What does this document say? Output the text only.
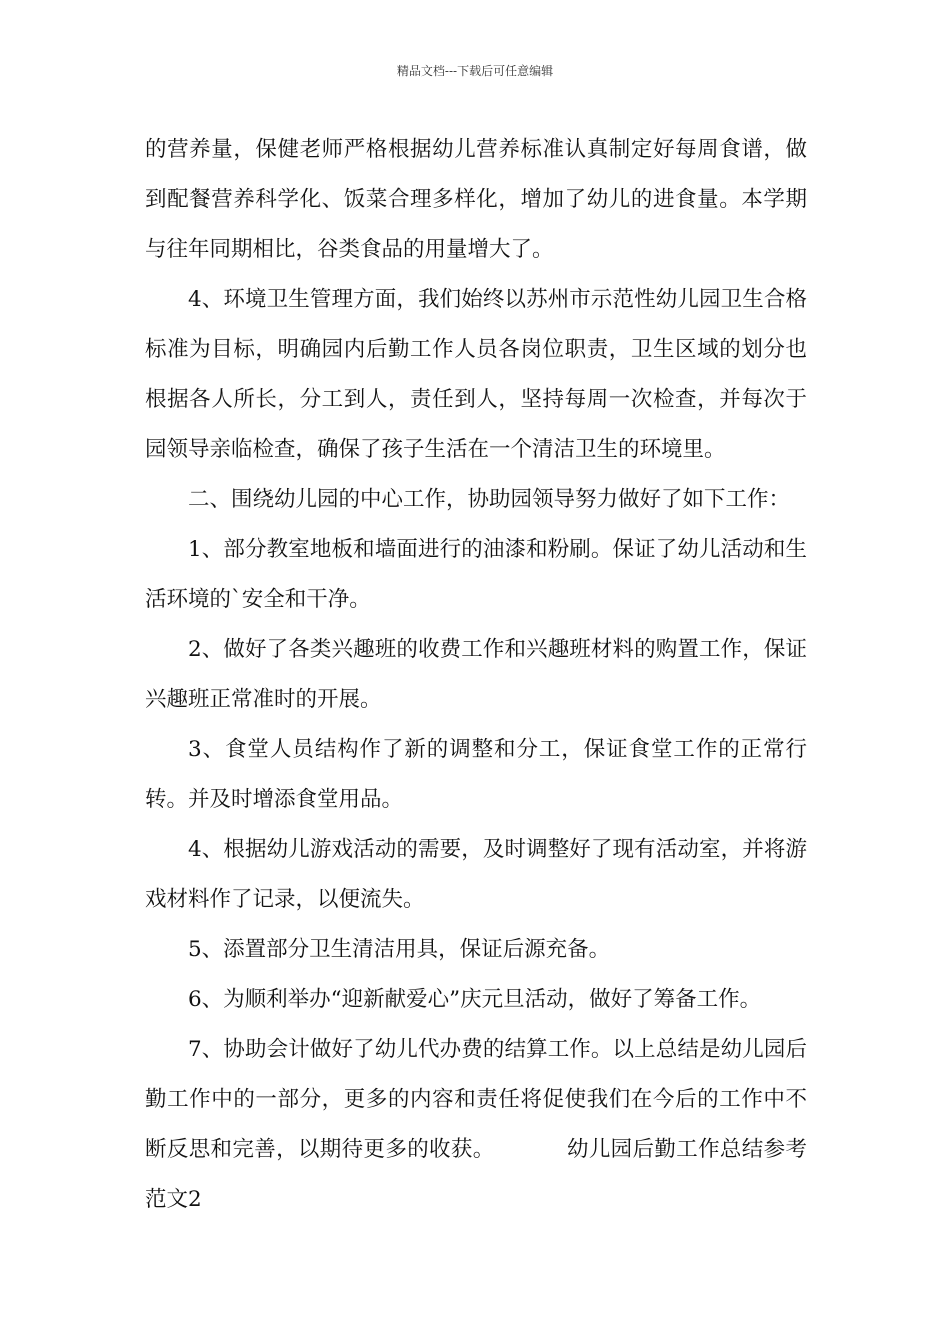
精品文档---下载后可任意编辑

的营养量，保健老师严格根据幼儿营养标准认真制定好每周食谱，做到配餐营养科学化、饭菜合理多样化，增加了幼儿的进食量。本学期与往年同期相比，谷类食品的用量增大了。

4、环境卫生管理方面，我们始终以苏州市示范性幼儿园卫生合格标准为目标，明确园内后勤工作人员各岗位职责，卫生区域的划分也根据各人所长，分工到人，责任到人，坚持每周一次检查，并每次于园领导亲临检查，确保了孩子生活在一个清洁卫生的环境里。

二、围绕幼儿园的中心工作，协助园领导努力做好了如下工作：

1、部分教室地板和墙面进行的油漆和粉刷。保证了幼儿活动和生活环境的`安全和干净。

2、做好了各类兴趣班的收费工作和兴趣班材料的购置工作，保证兴趣班正常准时的开展。

3、食堂人员结构作了新的调整和分工，保证食堂工作的正常行转。并及时增添食堂用品。

4、根据幼儿游戏活动的需要，及时调整好了现有活动室，并将游戏材料作了记录，以便流失。

5、添置部分卫生清洁用具，保证后源充备。

6、为顺利举办“迎新献爱心”庆元旦活动，做好了筹备工作。

7、协助会计做好了幼儿代办费的结算工作。以上总结是幼儿园后勤工作中的一部分，更多的内容和责任将促使我们在今后的工作中不断反思和完善，以期待更多的收获。	幼儿园后勤工作总结参考范文2
